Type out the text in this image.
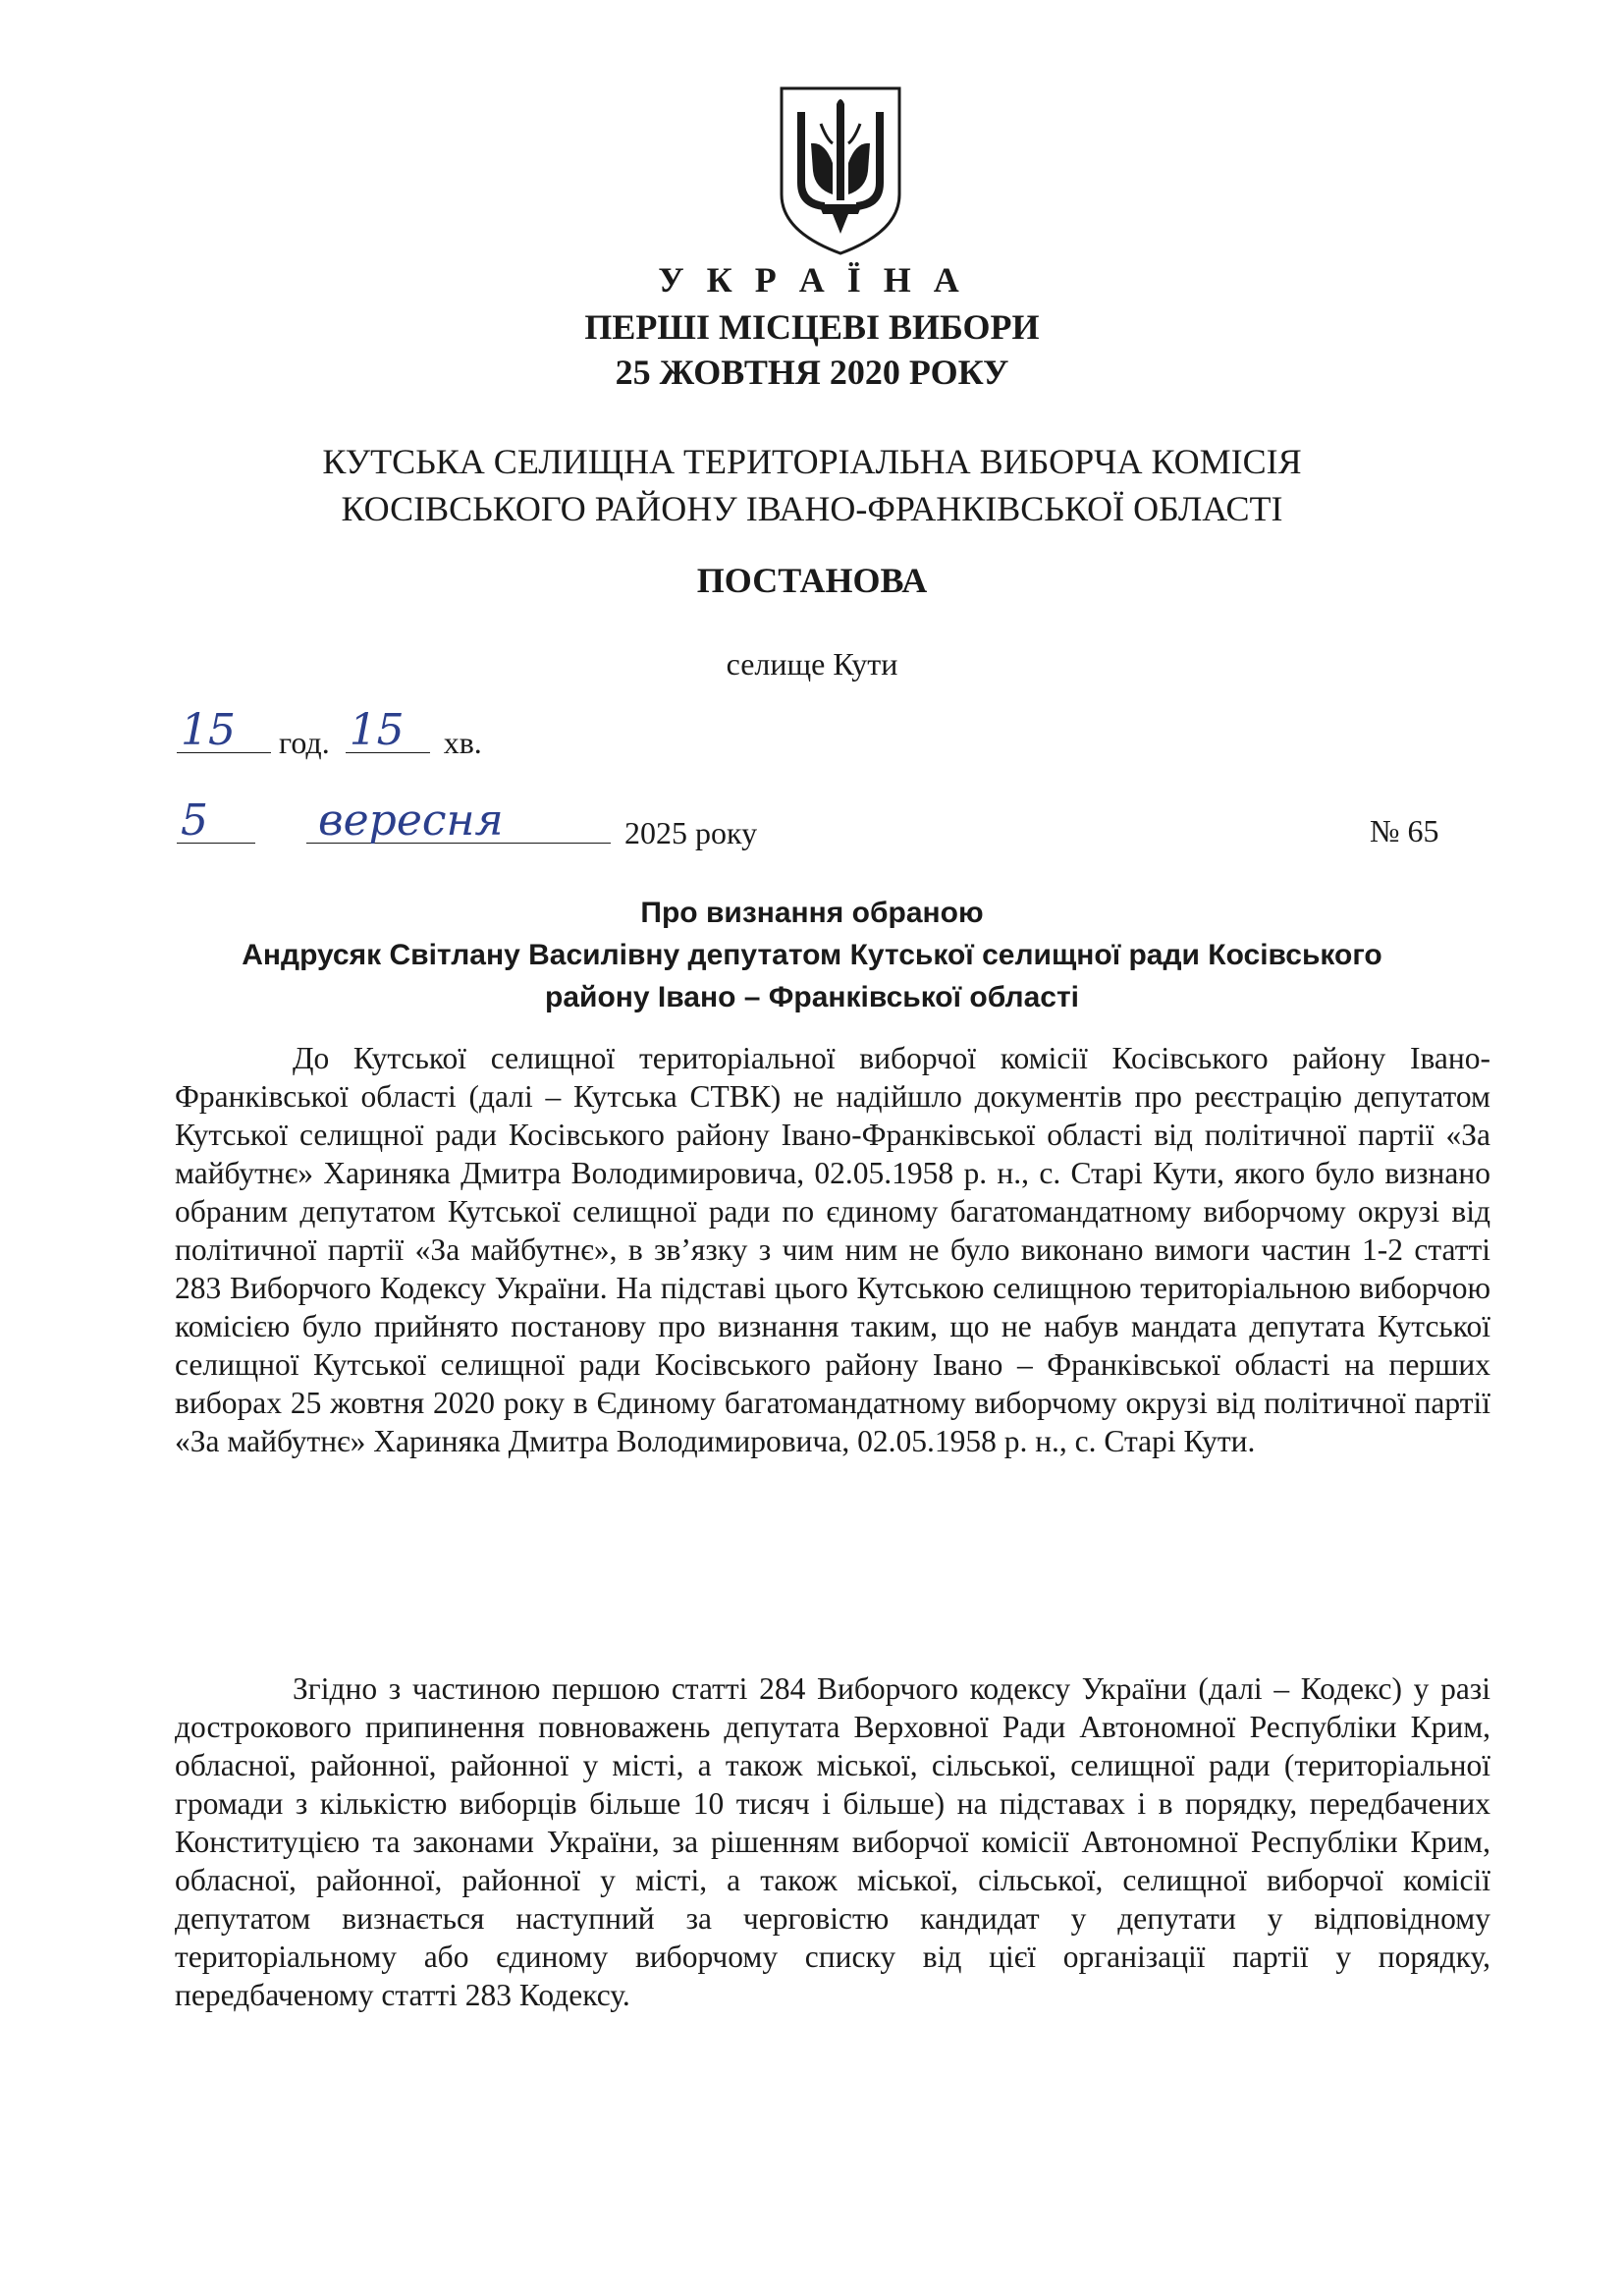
У К Р А Ї Н А
ПЕРШІ МІСЦЕВІ ВИБОРИ
25 ЖОВТНЯ 2020 РОКУ
КУТСЬКА СЕЛИЩНА ТЕРИТОРІАЛЬНА ВИБОРЧА КОМІСІЯ
КОСІВСЬКОГО РАЙОНУ ІВАНО-ФРАНКІВСЬКОЇ ОБЛАСТІ
ПОСТАНОВА
селище Кути
15 год. 15 хв.
5
	вересня	2025 року	№ 65
Про визнання обраною
Андрусяк Світлану Василівну депутатом Кутської селищної ради Косівського
району Івано – Франківської області

До Кутської селищної територіальної виборчої комісії Косівського району Івано-Франківської області (далі – Кутська СТВК) не надійшло документів про реєстрацію депутатом Кутської селищної ради Косівського району Івано-Франківської області від політичної партії «За майбутнє» Хариняка Дмитра Володимировича, 02.05.1958 р. н., с. Старі Кути, якого було визнано обраним депутатом Кутської селищної ради по єдиному багатомандатному виборчому окрузі від політичної партії «За майбутнє», в зв’язку з чим ним не було виконано вимоги частин 1-2 статті 283 Виборчого Кодексу України. На підставі цього Кутською селищною територіальною виборчою комісією було прийнято постанову про визнання таким, що не набув мандата депутата Кутської селищної Кутської селищної ради Косівського району Івано – Франківської області на перших виборах 25 жовтня 2020 року в Єдиному багатомандатному виборчому окрузі від політичної партії «За майбутнє» Хариняка Дмитра Володимировича, 02.05.1958 р. н., с. Старі Кути.

Згідно з частиною першою статті 284 Виборчого кодексу України (далі – Кодекс) у разі дострокового припинення повноважень депутата Верховної Ради Автономної Республіки Крим, обласної, районної, районної у місті, а також міської, сільської, селищної ради (територіальної громади з кількістю виборців більше 10 тисяч і більше) на підставах і в порядку, передбачених Конституцією та законами України, за рішенням виборчої комісії Автономної Республіки Крим, обласної, районної, районної у місті, а також міської, сільської, селищної виборчої комісії депутатом визнається наступний за черговістю кандидат у депутати у відповідному територіальному або єдиному виборчому списку від цієї організації партії у порядку, передбаченому статті 283 Кодексу.
